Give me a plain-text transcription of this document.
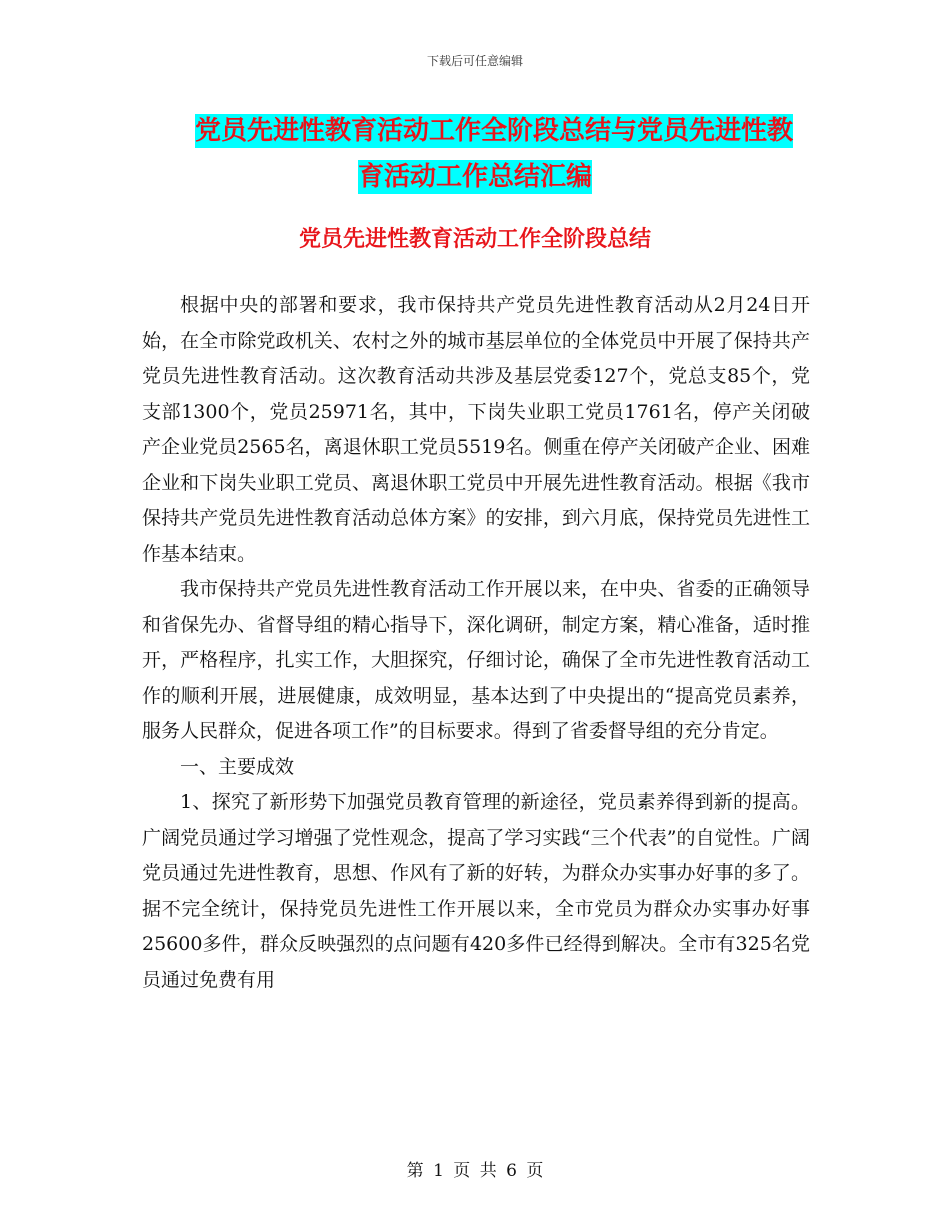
下载后可任意编辑
党员先进性教育活动工作全阶段总结与党员先进性教
育活动工作总结汇编
党员先进性教育活动工作全阶段总结

根据中央的部署和要求，我市保持共产党员先进性教育活动从2月24日开始，在全市除党政机关、农村之外的城市基层单位的全体党员中开展了保持共产党员先进性教育活动。这次教育活动共涉及基层党委127个，党总支85个，党支部1300个，党员25971名，其中，下岗失业职工党员1761名，停产关闭破产企业党员2565名，离退休职工党员5519名。侧重在停产关闭破产企业、困难企业和下岗失业职工党员、离退休职工党员中开展先进性教育活动。根据《我市保持共产党员先进性教育活动总体方案》的安排，到六月底，保持党员先进性工作基本结束。

我市保持共产党员先进性教育活动工作开展以来，在中央、省委的正确领导和省保先办、省督导组的精心指导下，深化调研，制定方案，精心准备，适时推开，严格程序，扎实工作，大胆探究，仔细讨论，确保了全市先进性教育活动工作的顺利开展，进展健康，成效明显，基本达到了中央提出的“提高党员素养，服务人民群众，促进各项工作”的目标要求。得到了省委督导组的充分肯定。

一、主要成效

1、探究了新形势下加强党员教育管理的新途径，党员素养得到新的提高。广阔党员通过学习增强了党性观念，提高了学习实践“三个代表”的自觉性。广阔党员通过先进性教育，思想、作风有了新的好转，为群众办实事办好事的多了。据不完全统计，保持党员先进性工作开展以来，全市党员为群众办实事办好事25600多件，群众反映强烈的点问题有420多件已经得到解决。全市有325名党员通过免费有用

第 1 页 共 6 页
